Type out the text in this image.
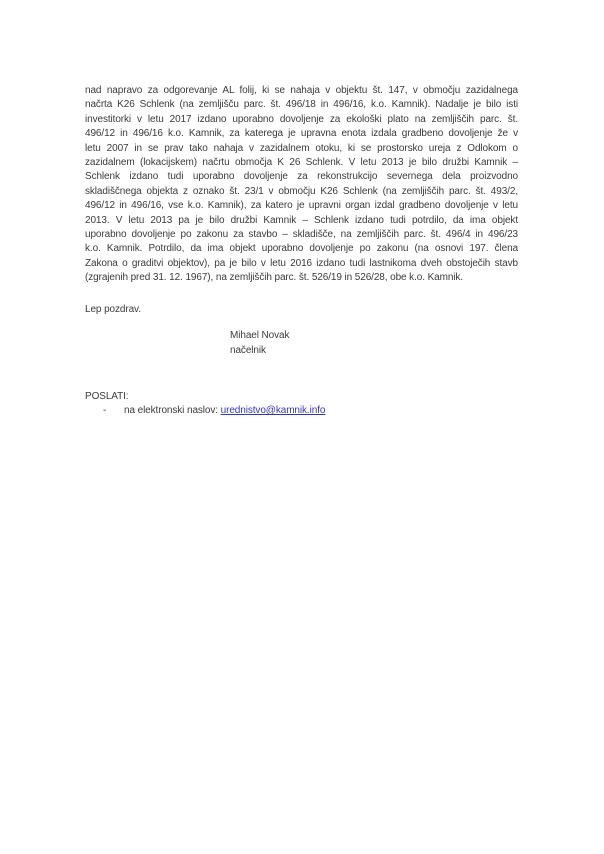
nad napravo za odgorevanje AL folij, ki se nahaja v objektu št. 147, v območju zazidalnega
načrta K26 Schlenk (na zemljišču parc. št. 496/18 in 496/16, k.o. Kamnik). Nadalje je bilo isti
investitorki v letu 2017 izdano uporabno dovoljenje za ekološki plato na zemljiščih parc. št.
496/12 in 496/16 k.o. Kamnik, za katerega je upravna enota izdala gradbeno dovoljenje že v
letu 2007 in se prav tako nahaja v zazidalnem otoku, ki se prostorsko ureja z Odlokom o
zazidalnem (lokacijskem) načrtu območja K 26 Schlenk. V letu 2013 je bilo družbi Kamnik –
Schlenk izdano tudi uporabno dovoljenje za rekonstrukcijo severnega dela proizvodno
skladiščnega objekta z oznako št. 23/1 v območju K26 Schlenk (na zemljiščih parc. št. 493/2,
496/12 in 496/16, vse k.o. Kamnik), za katero je upravni organ izdal gradbeno dovoljenje v letu
2013. V letu 2013 pa je bilo družbi Kamnik – Schlenk izdano tudi potrdilo, da ima objekt
uporabno dovoljenje po zakonu za stavbo – skladišče, na zemljiščih parc. št. 496/4 in 496/23
k.o. Kamnik. Potrdilo, da ima objekt uporabno dovoljenje po zakonu (na osnovi 197. člena
Zakona o graditvi objektov), pa je bilo v letu 2016 izdano tudi lastnikoma dveh obstoječih stavb
(zgrajenih pred 31. 12. 1967), na zemljiščih parc. št. 526/19 in 526/28, obe k.o. Kamnik.
Lep pozdrav.
Mihael Novak
načelnik
POSLATI:
-	na elektronski naslov: urednistvo@kamnik.info
